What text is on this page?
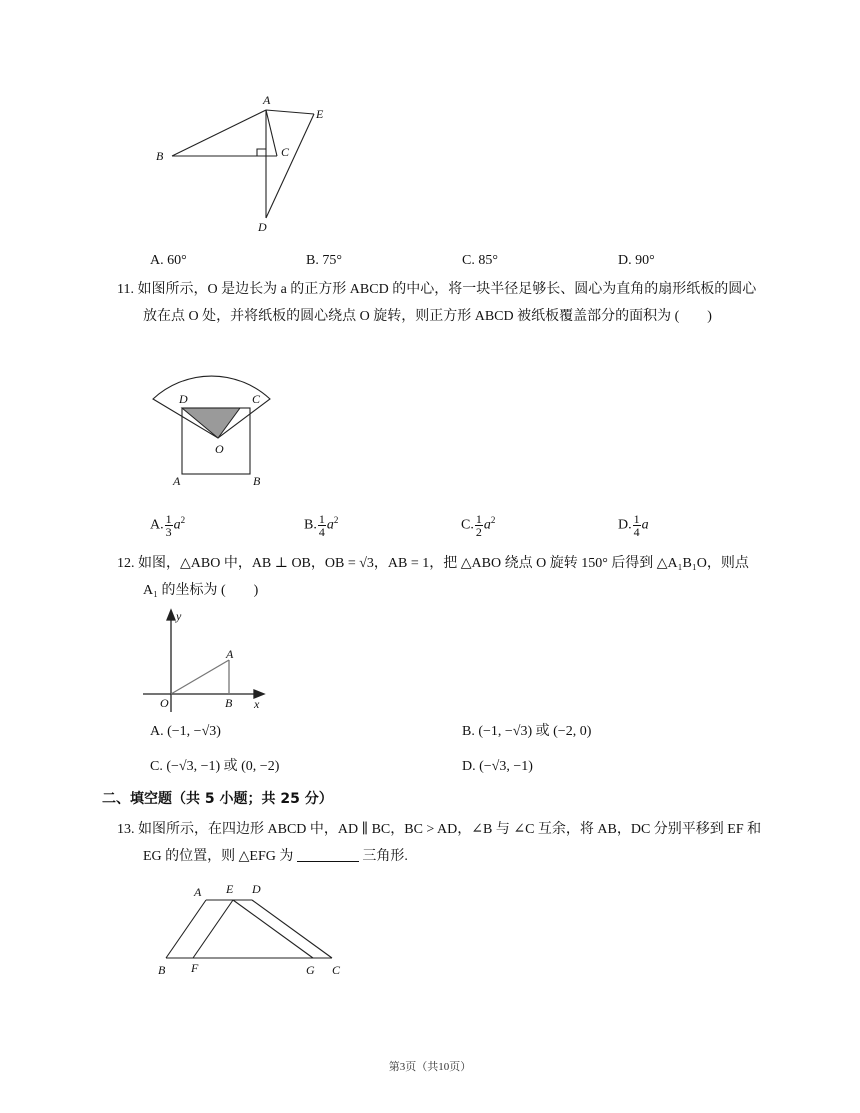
A
E
B	C
D
A. 60°	B. 75°	C. 85°	D. 90°
11. 如图所示，O 是边长为 a 的正方形 ABCD 的中心，将一块半径足够长、圆心为直角的扇形纸板的圆心放在点 O 处，并将纸板的圆心绕点 O 旋转，则正方形 ABCD 被纸板覆盖部分的面积为 (　　)
D	C
O
A	B
A. $\frac{1}{3} a^2$	B. $\frac{1}{4} a^2$	C. $\frac{1}{2} a^2$	D. $\frac{1}{4}$ a
12. 如图，△ABO 中，AB ⊥ OB，OB = √3，AB = 1，把 △ABO 绕点 O 旋转 150° 后得到 △A₁B₁O，则点 A₁ 的坐标为 (　　)
y
A
O	B x
A. (−1, −√3)	B. (−1, −√3) 或 (−2, 0)
C. (−√3, −1) 或 (0, −2)	D. (−√3, −1)
二、填空题（共 5 小题；共 25 分）
13. 如图所示，在四边形 ABCD 中，AD ∥ BC，BC > AD，∠B 与 ∠C 互余，将 AB，DC 分别平移到 EF 和 EG 的位置，则 △EFG 为	三角形.
A E D
B F	G C
第3页（共10页）
